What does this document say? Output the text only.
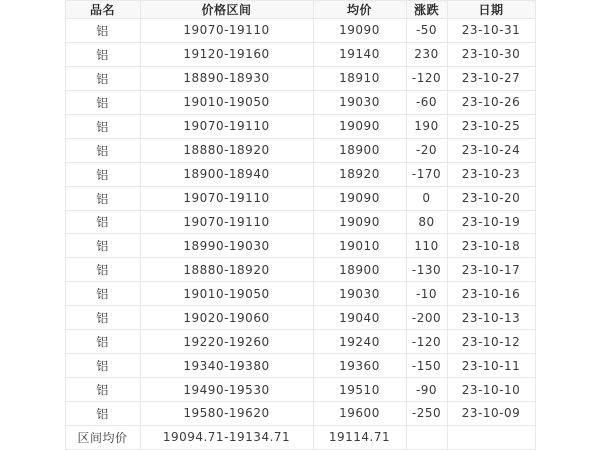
品名	价格区间	均价	涨跌	日期
铝	19070-19110	19090	-50	23-10-31
铝	19120-19160	19140	230	23-10-30
铝	18890-18930	18910	-120	23-10-27
铝	19010-19050	19030	-60	23-10-26
铝	19070-19110	19090	190	23-10-25
铝	18880-18920	18900	-20	23-10-24
铝	18900-18940	18920	-170	23-10-23
铝	19070-19110	19090	0	23-10-20
铝	19070-19110	19090	80	23-10-19
铝	18990-19030	19010	110	23-10-18
铝	18880-18920	18900	-130	23-10-17
铝	19010-19050	19030	-10	23-10-16
铝	19020-19060	19040	-200	23-10-13
铝	19220-19260	19240	-120	23-10-12
铝	19340-19380	19360	-150	23-10-11
铝	19490-19530	19510	-90	23-10-10
铝	19580-19620	19600	-250	23-10-09
区间均价	19094.71-19134.71	19114.71		
